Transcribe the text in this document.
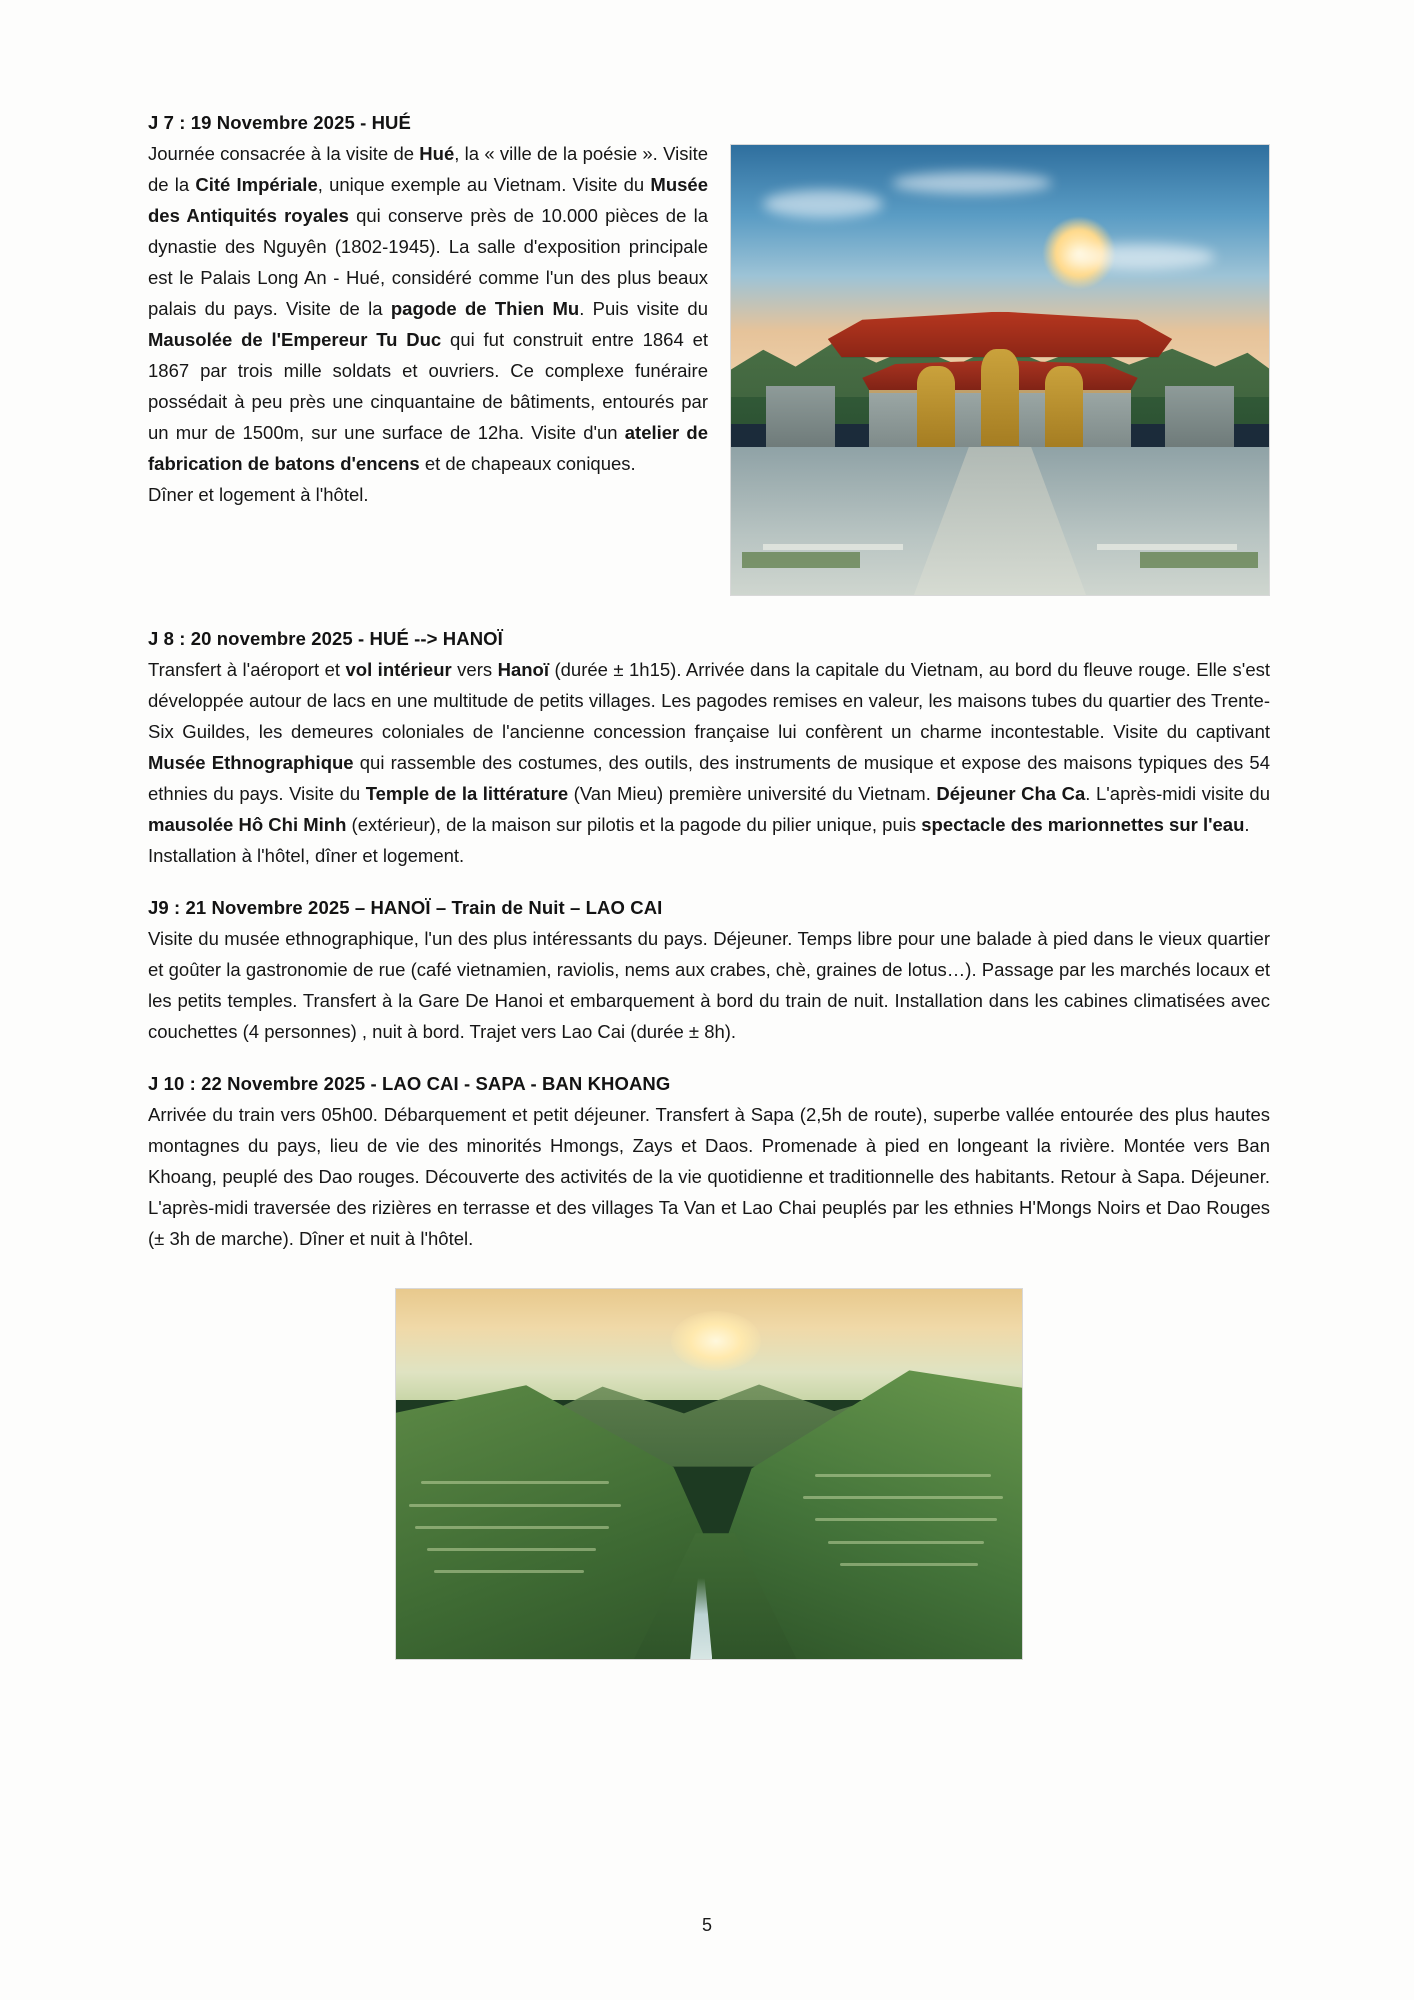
J 7 : 19 Novembre 2025 - HUÉ

Journée consacrée à la visite de Hué, la « ville de la poésie ». Visite de la Cité Impériale, unique exemple au Vietnam. Visite du Musée des Antiquités royales qui conserve près de 10.000 pièces de la dynastie des Nguyên (1802-1945). La salle d'exposition principale est le Palais Long An - Hué, considéré comme l'un des plus beaux palais du pays. Visite de la pagode de Thien Mu. Puis visite du Mausolée de l'Empereur Tu Duc qui fut construit entre 1864 et 1867 par trois mille soldats et ouvriers. Ce complexe funéraire possédait à peu près une cinquantaine de bâtiments, entourés par un mur de 1500m, sur une surface de 12ha. Visite d'un atelier de fabrication de batons d'encens et de chapeaux coniques.
Dîner et logement à l'hôtel.

J 8 : 20 novembre 2025 - HUÉ --> HANOÏ

Transfert à l'aéroport et vol intérieur vers Hanoï (durée ± 1h15). Arrivée dans la capitale du Vietnam, au bord du fleuve rouge. Elle s'est développée autour de lacs en une multitude de petits villages. Les pagodes remises en valeur, les maisons tubes du quartier des Trente-Six Guildes, les demeures coloniales de l'ancienne concession française lui confèrent un charme incontestable. Visite du captivant Musée Ethnographique qui rassemble des costumes, des outils, des instruments de musique et expose des maisons typiques des 54 ethnies du pays. Visite du Temple de la littérature (Van Mieu) première université du Vietnam. Déjeuner Cha Ca. L'après-midi visite du mausolée Hô Chi Minh (extérieur), de la maison sur pilotis et la pagode du pilier unique, puis spectacle des marionnettes sur l'eau.
Installation à l'hôtel, dîner et logement.

J9 : 21 Novembre 2025 – HANOÏ – Train de Nuit – LAO CAI

Visite du musée ethnographique, l'un des plus intéressants du pays. Déjeuner. Temps libre pour une balade à pied dans le vieux quartier et goûter la gastronomie de rue (café vietnamien, raviolis, nems aux crabes, chè, graines de lotus…). Passage par les marchés locaux et les petits temples. Transfert à la Gare De Hanoi et embarquement à bord du train de nuit. Installation dans les cabines climatisées avec couchettes (4 personnes) , nuit à bord. Trajet vers Lao Cai (durée ± 8h).

J 10 : 22 Novembre 2025 - LAO CAI - SAPA - BAN KHOANG

Arrivée du train vers 05h00. Débarquement et petit déjeuner. Transfert à Sapa (2,5h de route), superbe vallée entourée des plus hautes montagnes du pays, lieu de vie des minorités Hmongs, Zays et Daos. Promenade à pied en longeant la rivière. Montée vers Ban Khoang, peuplé des Dao rouges. Découverte des activités de la vie quotidienne et traditionnelle des habitants. Retour à Sapa. Déjeuner. L'après-midi traversée des rizières en terrasse et des villages Ta Van et Lao Chai peuplés par les ethnies H'Mongs Noirs et Dao Rouges (± 3h de marche). Dîner et nuit à l'hôtel.

5
